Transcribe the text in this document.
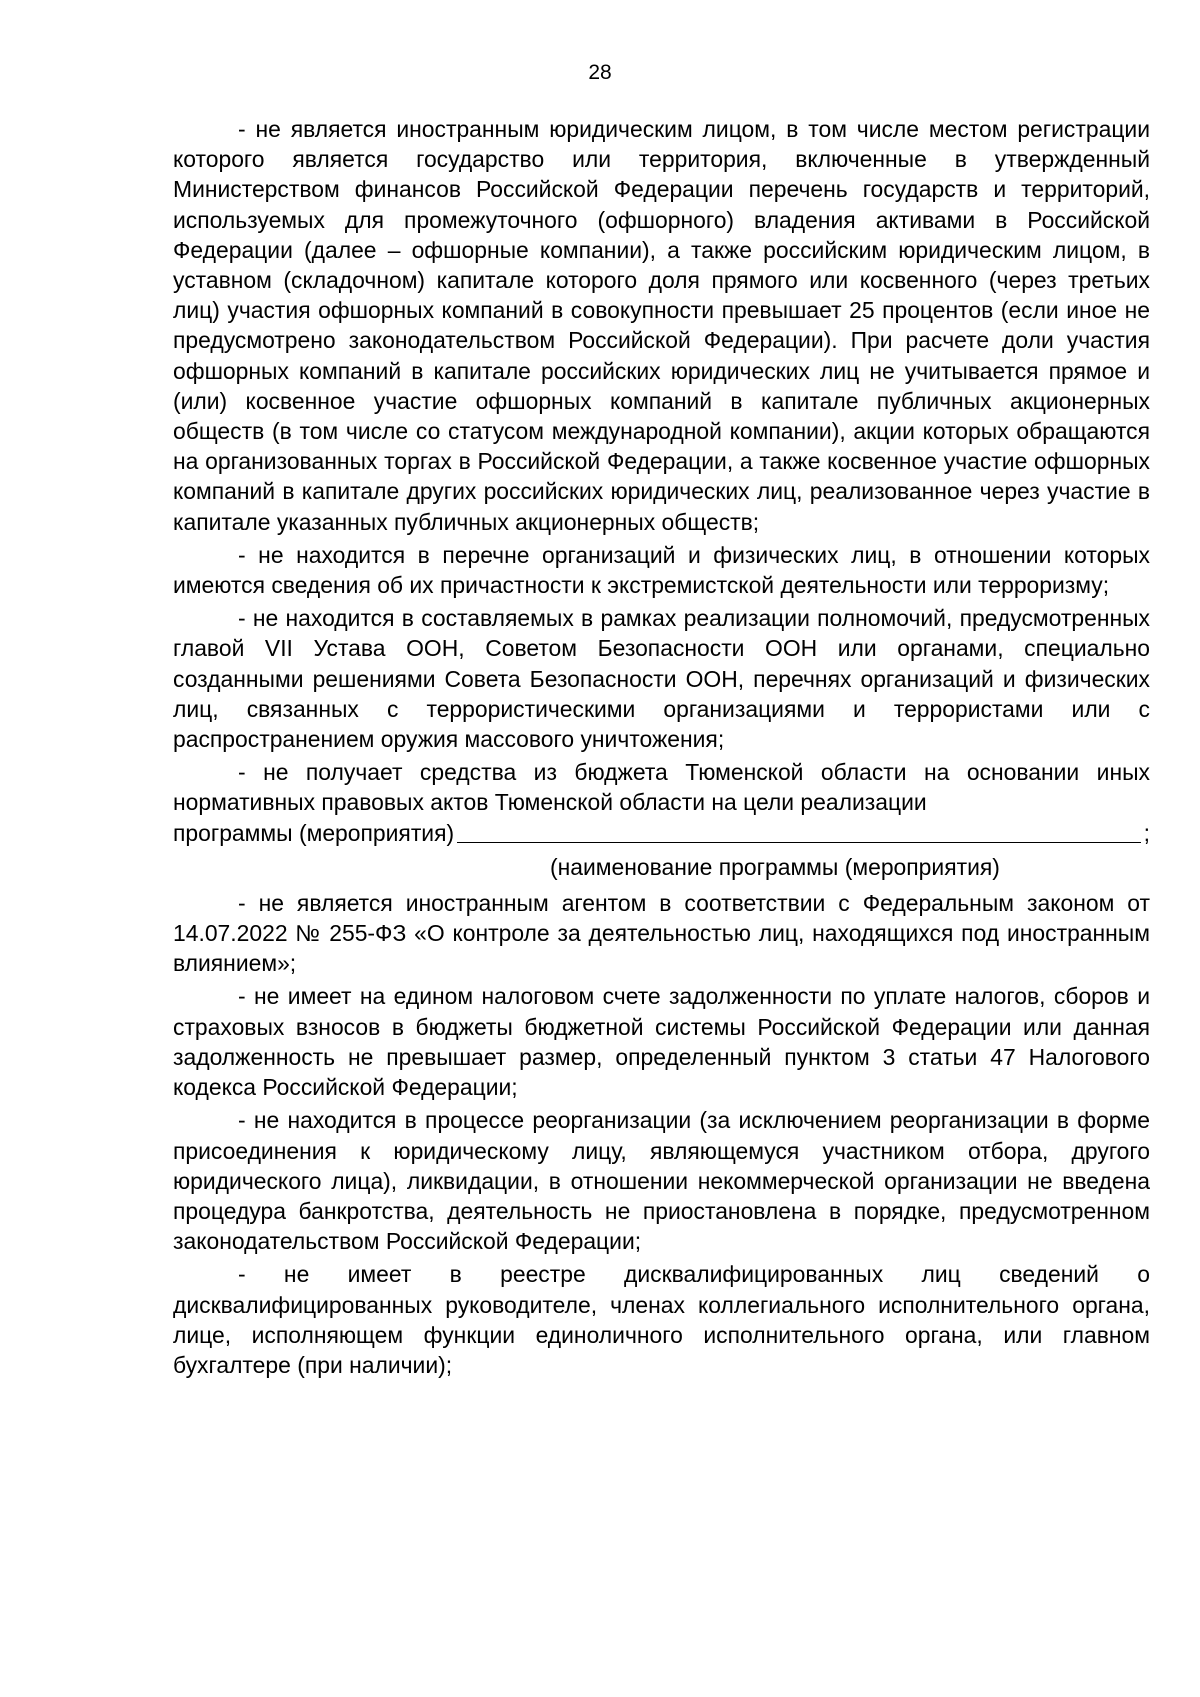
28

- не является иностранным юридическим лицом, в том числе местом регистрации которого является государство или территория, включенные в утвержденный Министерством финансов Российской Федерации перечень государств и территорий, используемых для промежуточного (офшорного) владения активами в Российской Федерации (далее – офшорные компании), а также российским юридическим лицом, в уставном (складочном) капитале которого доля прямого или косвенного (через третьих лиц) участия офшорных компаний в совокупности превышает 25 процентов (если иное не предусмотрено законодательством Российской Федерации). При расчете доли участия офшорных компаний в капитале российских юридических лиц не учитывается прямое и (или) косвенное участие офшорных компаний в капитале публичных акционерных обществ (в том числе со статусом международной компании), акции которых обращаются на организованных торгах в Российской Федерации, а также косвенное участие офшорных компаний в капитале других российских юридических лиц, реализованное через участие в капитале указанных публичных акционерных обществ;

- не находится в перечне организаций и физических лиц, в отношении которых имеются сведения об их причастности к экстремистской деятельности или терроризму;

- не находится в составляемых в рамках реализации полномочий, предусмотренных главой VII Устава ООН, Советом Безопасности ООН или органами, специально созданными решениями Совета Безопасности ООН, перечнях организаций и физических лиц, связанных с террористическими организациями и террористами или с распространением оружия массового уничтожения;

- не получает средства из бюджета Тюменской области на основании иных нормативных правовых актов Тюменской области на цели реализации

программы (мероприятия)	;
(наименование программы (мероприятия)

- не является иностранным агентом в соответствии с Федеральным законом от 14.07.2022 № 255-ФЗ «О контроле за деятельностью лиц, находящихся под иностранным влиянием»;

- не имеет на едином налоговом счете задолженности по уплате налогов, сборов и страховых взносов в бюджеты бюджетной системы Российской Федерации или данная задолженность не превышает размер, определенный пунктом 3 статьи 47 Налогового кодекса Российской Федерации;

- не находится в процессе реорганизации (за исключением реорганизации в форме присоединения к юридическому лицу, являющемуся участником отбора, другого юридического лица), ликвидации, в отношении некоммерческой организации не введена процедура банкротства, деятельность не приостановлена в порядке, предусмотренном законодательством Российской Федерации;

- не имеет в реестре дисквалифицированных лиц сведений о дисквалифицированных руководителе, членах коллегиального исполнительного органа, лице, исполняющем функции единоличного исполнительного органа, или главном бухгалтере (при наличии);
